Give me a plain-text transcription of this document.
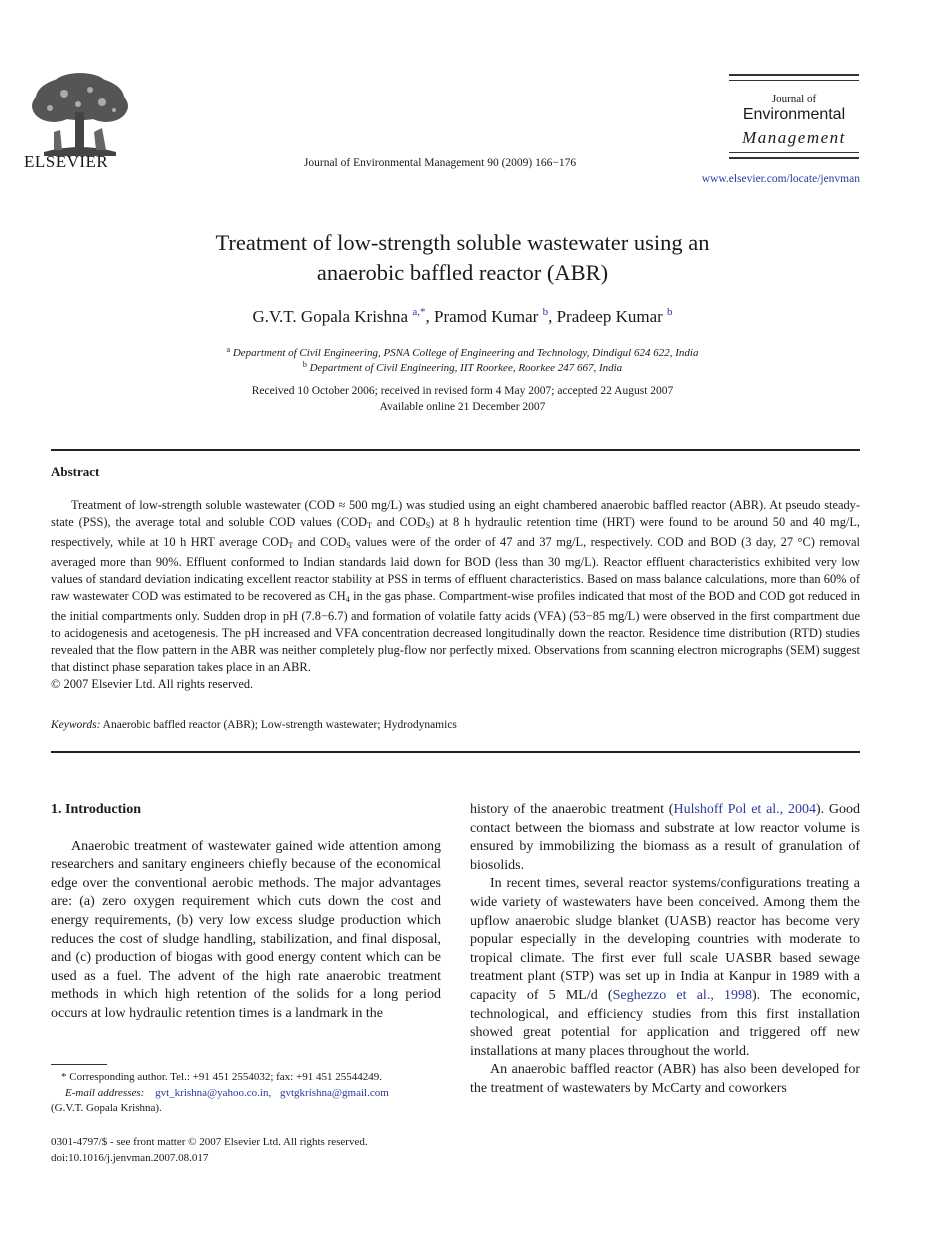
ELSEVIER	Journal of Environmental Management 90 (2009) 166−176
Journal of
Environmental
Management
www.elsevier.com/locate/jenvman
Treatment of low-strength soluble wastewater using an
anaerobic baffled reactor (ABR)
G.V.T. Gopala Krishna $^{a,*}$, Pramod Kumar $^b$, Pradeep Kumar $^b$
$^a$ Department of Civil Engineering, PSNA College of Engineering and Technology, Dindigul 624 622, India
$^b$ Department of Civil Engineering, IIT Roorkee, Roorkee 247 667, India
Received 10 October 2006; received in revised form 4 May 2007; accepted 22 August 2007
Available online 21 December 2007
Abstract

Treatment of low-strength soluble wastewater (COD ≈ 500 mg/L) was studied using an eight chambered anaerobic baffled reactor (ABR). At pseudo steady-state (PSS), the average total and soluble COD values ($COD_T$ and $COD_S$) at 8 h hydraulic retention time (HRT) were found to be around 50 and 40 mg/L, respectively, while at 10 h HRT average $COD_T$ and $COD_S$ values were of the order of 47 and 37 mg/L, respectively. COD and BOD (3 day, 27 °C) removal averaged more than 90%. Effluent conformed to Indian standards laid down for BOD (less than 30 mg/L). Reactor effluent characteristics exhibited very low values of standard deviation indicating excellent reactor stability at PSS in terms of effluent characteristics. Based on mass balance calculations, more than 60% of raw wastewater COD was estimated to be recovered as $CH_4$ in the gas phase. Compartment-wise profiles indicated that most of the BOD and COD got reduced in the initial compartments only. Sudden drop in pH (7.8−6.7) and formation of volatile fatty acids (VFA) (53−85 mg/L) were observed in the first compartment due to acidogenesis and acetogenesis. The pH increased and VFA concentration decreased longitudinally down the reactor. Residence time distribution (RTD) studies revealed that the flow pattern in the ABR was neither completely plug-flow nor perfectly mixed. Observations from scanning electron micrographs (SEM) suggest that distinct phase separation takes place in an ABR.

© 2007 Elsevier Ltd. All rights reserved.

Keywords: Anaerobic baffled reactor (ABR); Low-strength wastewater; Hydrodynamics

1. Introduction

Anaerobic treatment of wastewater gained wide attention among researchers and sanitary engineers chiefly because of the economical edge over the conventional aerobic methods. The major advantages are: (a) zero oxygen requirement which cuts down the cost and energy requirements, (b) very low excess sludge production which reduces the cost of sludge handling, stabilization, and final disposal, and (c) production of biogas with good energy content which can be used as a fuel. The advent of the high rate anaerobic treatment methods in which high retention of the solids for a long period occurs at low hydraulic retention times is a landmark in the

history of the anaerobic treatment (Hulshoff Pol et al., 2004). Good contact between the biomass and substrate at low reactor volume is ensured by immobilizing the biomass as a result of granulation of biosolids.

In recent times, several reactor systems/configurations treating a wide variety of wastewaters have been conceived. Among them the upflow anaerobic sludge blanket (UASB) reactor has become very popular especially in the developing countries with moderate to tropical climate. The first ever full scale UASBR based sewage treatment plant (STP) was set up in India at Kanpur in 1989 with a capacity of 5 ML/d (Seghezzo et al., 1998). The economic, technological, and efficiency studies from this first installation showed great potential for application and triggered off new installations at many places throughout the world.

An anaerobic baffled reactor (ABR) has also been developed for the treatment of wastewaters by McCarty and coworkers

* Corresponding author. Tel.: +91 451 2554032; fax: +91 451 25544249.
E-mail addresses: gvt_krishna@yahoo.co.in, gvtgkrishna@gmail.com
(G.V.T. Gopala Krishna).
0301-4797/$ - see front matter © 2007 Elsevier Ltd. All rights reserved.
doi:10.1016/j.jenvman.2007.08.017
